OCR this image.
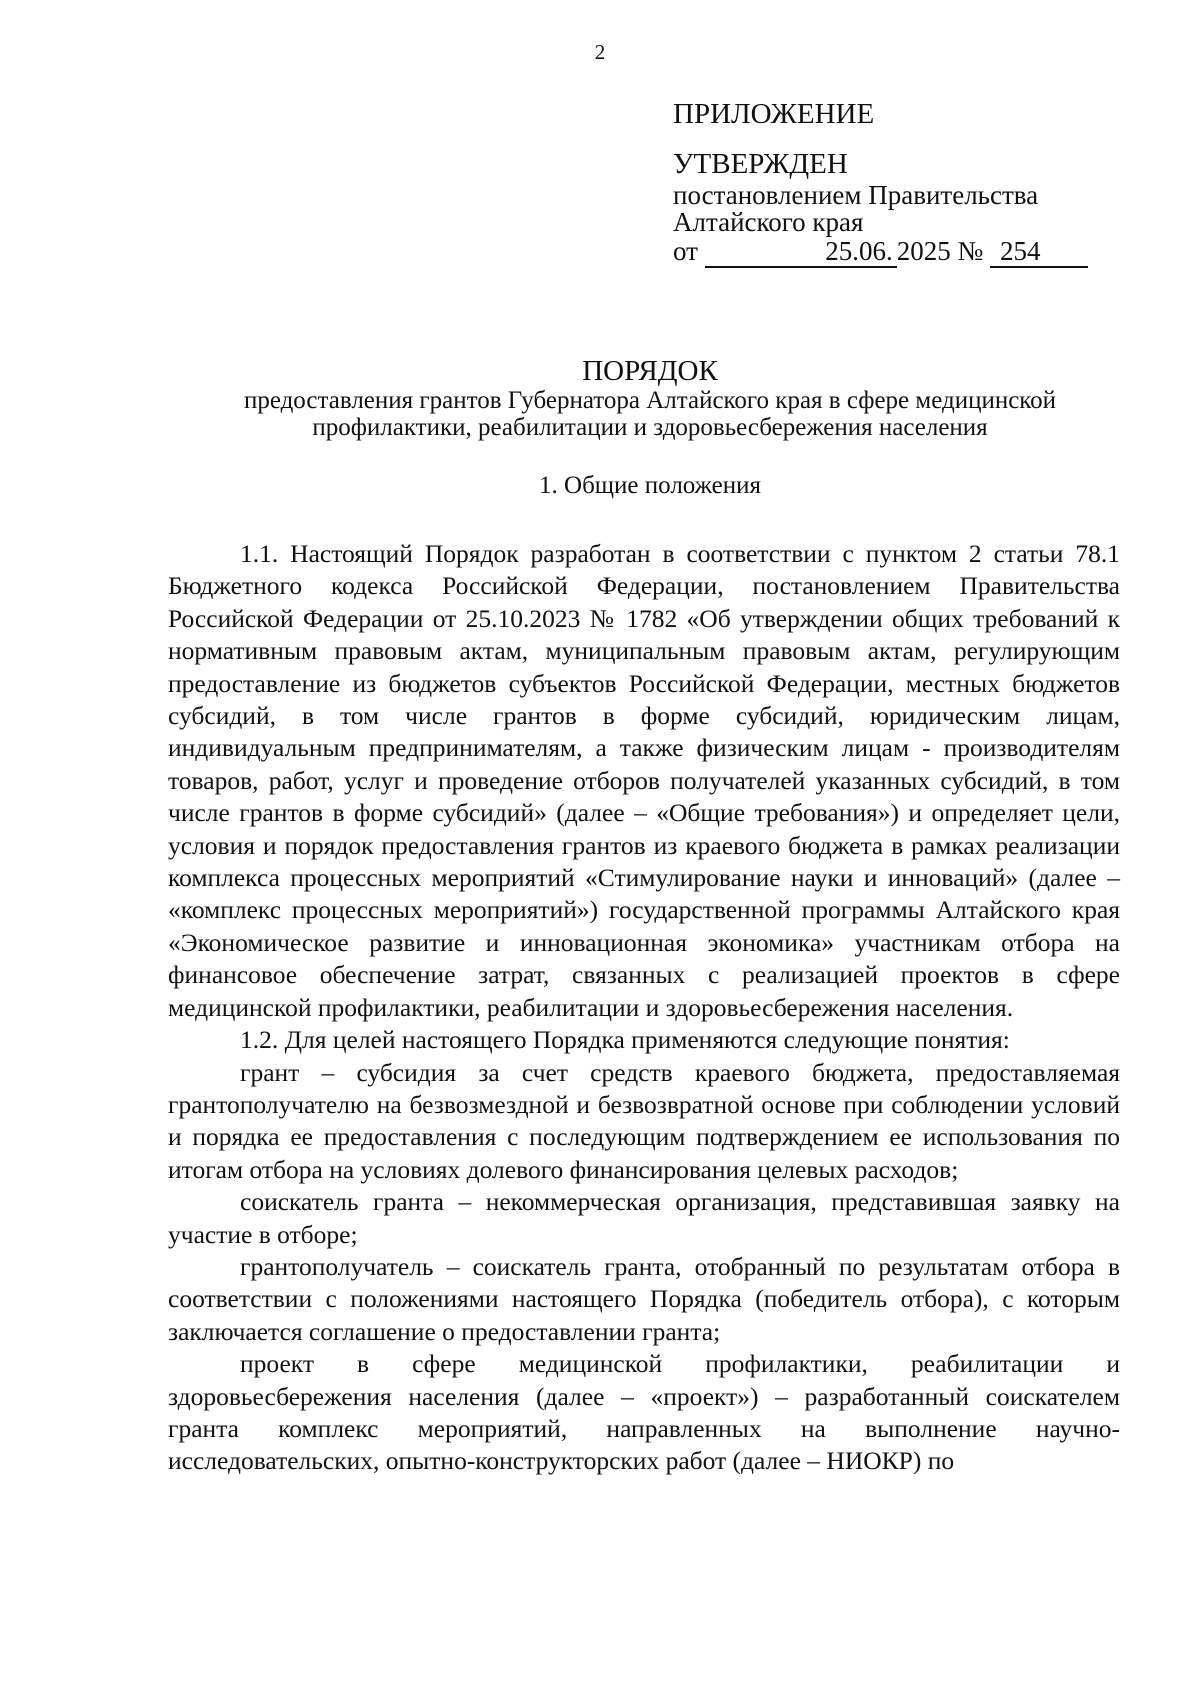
2
ПРИЛОЖЕНИЕ
УТВЕРЖДЕН
постановлением Правительства
Алтайского края
от	25.06. 2025 № 254

ПОРЯДОК

предоставления грантов Губернатора Алтайского края в сфере медицинской

профилактики, реабилитации и здоровьесбережения населения

1. Общие положения

1.1. Настоящий Порядок разработан в соответствии с пунктом 2 статьи 78.1 Бюджетного кодекса Российской Федерации, постановлением Правительства Российской Федерации от 25.10.2023 № 1782 «Об утверждении общих требований к нормативным правовым актам, муниципальным правовым актам, регулирующим предоставление из бюджетов субъектов Российской Федерации, местных бюджетов субсидий, в том числе грантов в форме субсидий, юридическим лицам, индивидуальным предпринимателям, а также физическим лицам - производителям товаров, работ, услуг и проведение отборов получателей указанных субсидий, в том числе грантов в форме субсидий» (далее – «Общие требования») и определяет цели, условия и порядок предоставления грантов из краевого бюджета в рамках реализации комплекса процессных мероприятий «Стимулирование науки и инноваций» (далее – «комплекс процессных мероприятий») государственной программы Алтайского края «Экономическое развитие и инновационная экономика» участникам отбора на финансовое обеспечение затрат, связанных с реализацией проектов в сфере медицинской профилактики, реабилитации и здоровьесбережения населения.

1.2. Для целей настоящего Порядка применяются следующие понятия:

грант – субсидия за счет средств краевого бюджета, предоставляемая грантополучателю на безвозмездной и безвозвратной основе при соблюдении условий и порядка ее предоставления с последующим подтверждением ее использования по итогам отбора на условиях долевого финансирования целевых расходов;

соискатель гранта – некоммерческая организация, представившая заявку на участие в отборе;

грантополучатель – соискатель гранта, отобранный по результатам отбора в соответствии с положениями настоящего Порядка (победитель отбора), с которым заключается соглашение о предоставлении гранта;

проект в сфере медицинской профилактики, реабилитации и здоровьесбережения населения (далее – «проект») – разработанный соискателем гранта комплекс мероприятий, направленных на выполнение научно-исследовательских, опытно-конструкторских работ (далее – НИОКР) по
